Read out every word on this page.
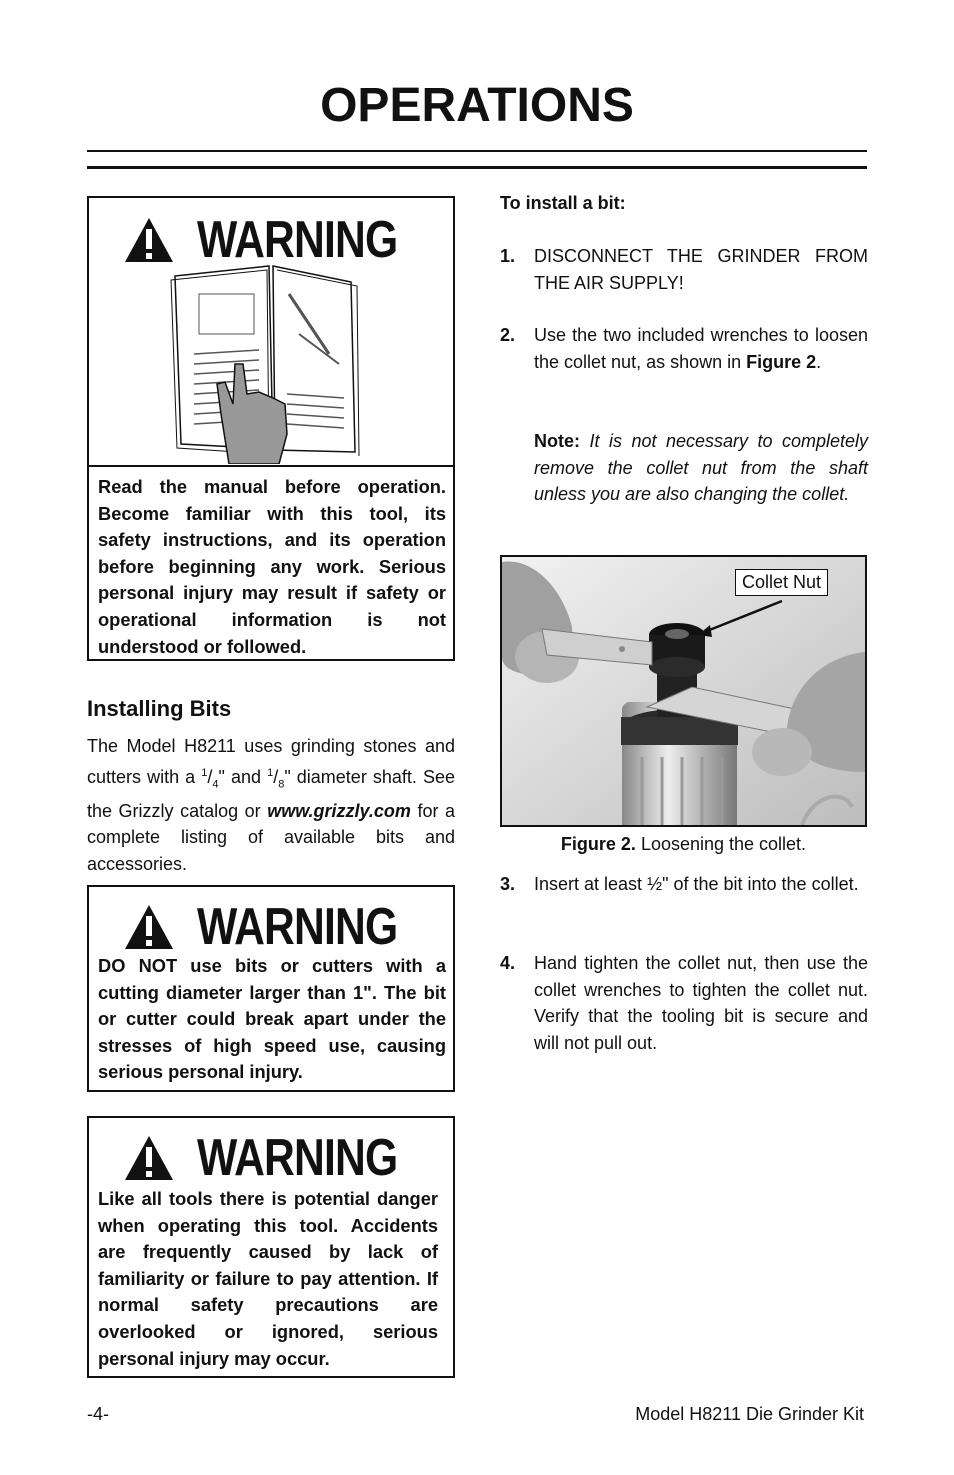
OPERATIONS
WARNING
Read the manual before operation. Become familiar with this tool, its safety instructions, and its operation before beginning any work. Serious personal injury may result if safety or operational information is not understood or followed.
Installing Bits
The Model H8211 uses grinding stones and cutters with a $^1/_4$" and $^1/_8$" diameter shaft. See the Grizzly catalog or www.grizzly.com for a complete listing of available bits and accessories.
WARNING
DO NOT use bits or cutters with a cutting diameter larger than 1". The bit or cutter could break apart under the stresses of high speed use, causing serious personal injury.
WARNING
Like all tools there is potential danger when operating this tool. Accidents are frequently caused by lack of familiarity or failure to pay attention. If normal safety precautions are overlooked or ignored, serious personal injury may occur.
To install a bit:
1. DISCONNECT THE GRINDER FROM THE AIR SUPPLY!
2. Use the two included wrenches to loosen the collet nut, as shown in Figure 2.
Note: It is not necessary to completely remove the collet nut from the shaft unless you are also changing the collet.
Collet Nut
Figure 2. Loosening the collet.
3. Insert at least ½" of the bit into the collet.
4. Hand tighten the collet nut, then use the collet wrenches to tighten the collet nut. Verify that the tooling bit is secure and will not pull out.
-4-	Model H8211 Die Grinder Kit
